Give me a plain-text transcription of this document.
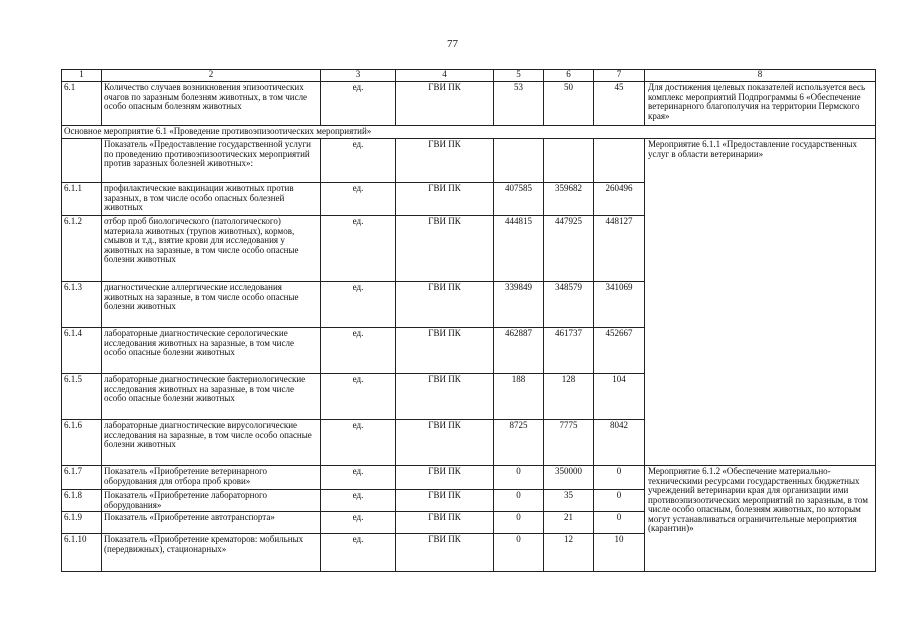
77
1	2	3	4	5	6	7	8
6.1	Количество случаев возникновения эпизоотических очагов по заразным болезням животных, в том числе особо опасным болезням животных	ед.	ГВИ ПК	53	50	45	Для достижения целевых показателей используется весь комплекс мероприятий Подпрограммы 6 «Обеспечение ветеринарного благополучия на территории Пермского края»
Основное мероприятие 6.1 «Проведение противоэпизоотических мероприятий»							
	Показатель «Предоставление государственной услуги по проведению противоэпизоотических мероприятий против заразных болезней животных»:	ед.	ГВИ ПК				Мероприятие 6.1.1 «Предоставление государственных услуг в области ветеринарии»
6.1.1	профилактические вакцинации животных против заразных, в том числе особо опасных болезней животных	ед.	ГВИ ПК	407585	359682	260496	
6.1.2	отбор проб биологического (патологического) материала животных (трупов животных), кормов, смывов и т.д., взятие крови для исследования у животных на заразные, в том числе особо опасные болезни животных	ед.	ГВИ ПК	444815	447925	448127	
6.1.3	диагностические аллергические исследования животных на заразные, в том числе особо опасные болезни животных	ед.	ГВИ ПК	339849	348579	341069	
6.1.4	лабораторные диагностические серологические исследования животных на заразные, в том числе особо опасные болезни животных	ед.	ГВИ ПК	462887	461737	452667	
6.1.5	лабораторные диагностические бактериологические исследования животных на заразные, в том числе особо опасные болезни животных	ед.	ГВИ ПК	188	128	104	
6.1.6	лабораторные диагностические вирусологические исследования на заразные, в том числе особо опасные болезни животных	ед.	ГВИ ПК	8725	7775	8042	
6.1.7	Показатель «Приобретение ветеринарного оборудования для отбора проб крови»	ед.	ГВИ ПК	0	350000	0	Мероприятие 6.1.2 «Обеспечение материально-техническими ресурсами государственных бюджетных учреждений ветеринарии края для организации ими противоэпизоотических мероприятий по заразным, в том числе особо опасным, болезням животных, по которым могут устанавливаться ограничительные мероприятия (карантин)»
6.1.8	Показатель «Приобретение лабораторного оборудования»	ед.	ГВИ ПК	0	35	0	
6.1.9	Показатель «Приобретение автотранспорта»	ед.	ГВИ ПК	0	21	0	
6.1.10	Показатель «Приобретение крематоров: мобильных (передвижных), стационарных»	ед.	ГВИ ПК	0	12	10	
